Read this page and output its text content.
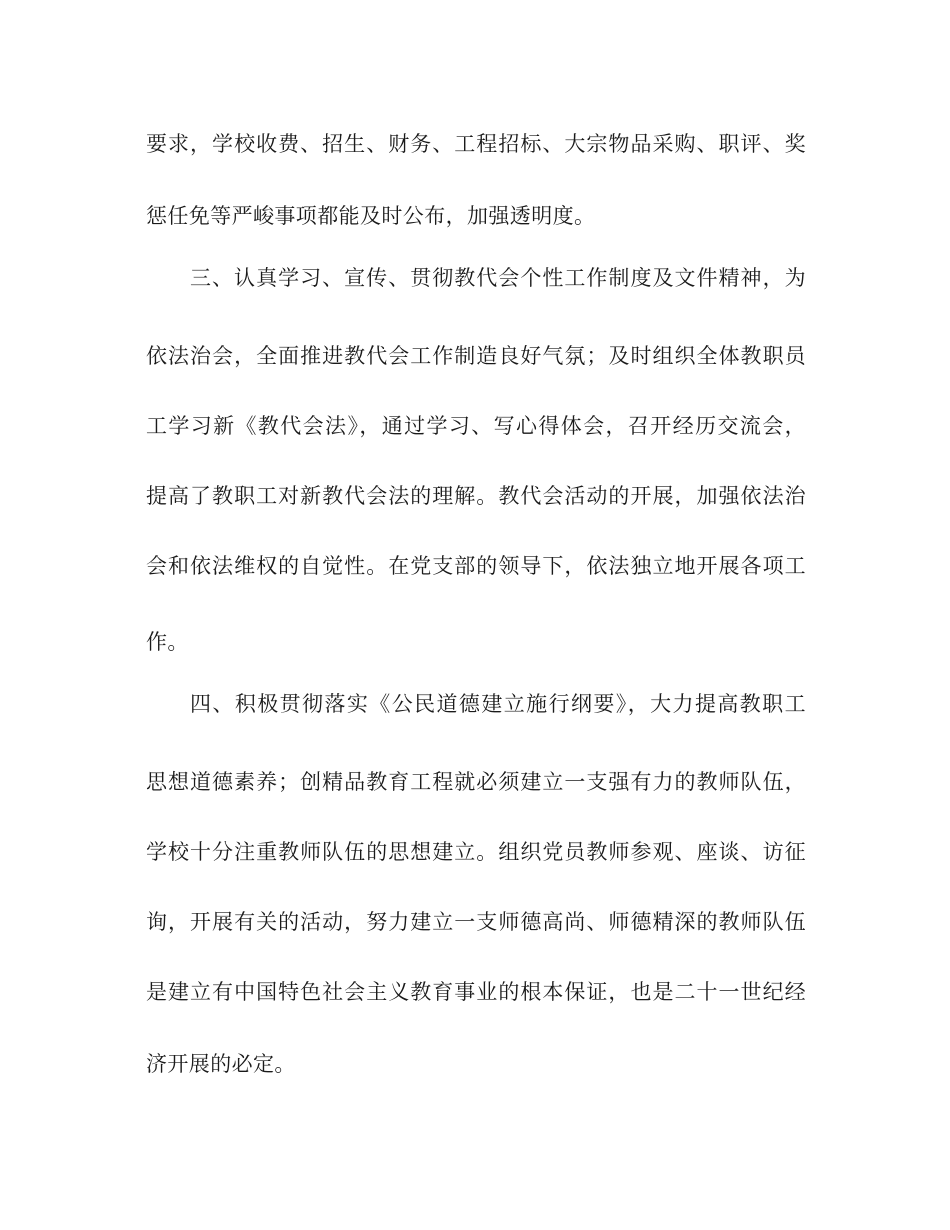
要求，学校收费、招生、财务、工程招标、大宗物品采购、职评、奖
惩任免等严峻事项都能及时公布，加强透明度。
三、认真学习、宣传、贯彻教代会个性工作制度及文件精神，为
依法治会，全面推进教代会工作制造良好气氛；及时组织全体教职员
工学习新《教代会法》，通过学习、写心得体会，召开经历交流会，
提高了教职工对新教代会法的理解。教代会活动的开展，加强依法治
会和依法维权的自觉性。在党支部的领导下，依法独立地开展各项工
作。
四、积极贯彻落实《公民道德建立施行纲要》，大力提高教职工
思想道德素养；创精品教育工程就必须建立一支强有力的教师队伍，
学校十分注重教师队伍的思想建立。组织党员教师参观、座谈、访征
询，开展有关的活动，努力建立一支师德高尚、师德精深的教师队伍
是建立有中国特色社会主义教育事业的根本保证，也是二十一世纪经
济开展的必定。
